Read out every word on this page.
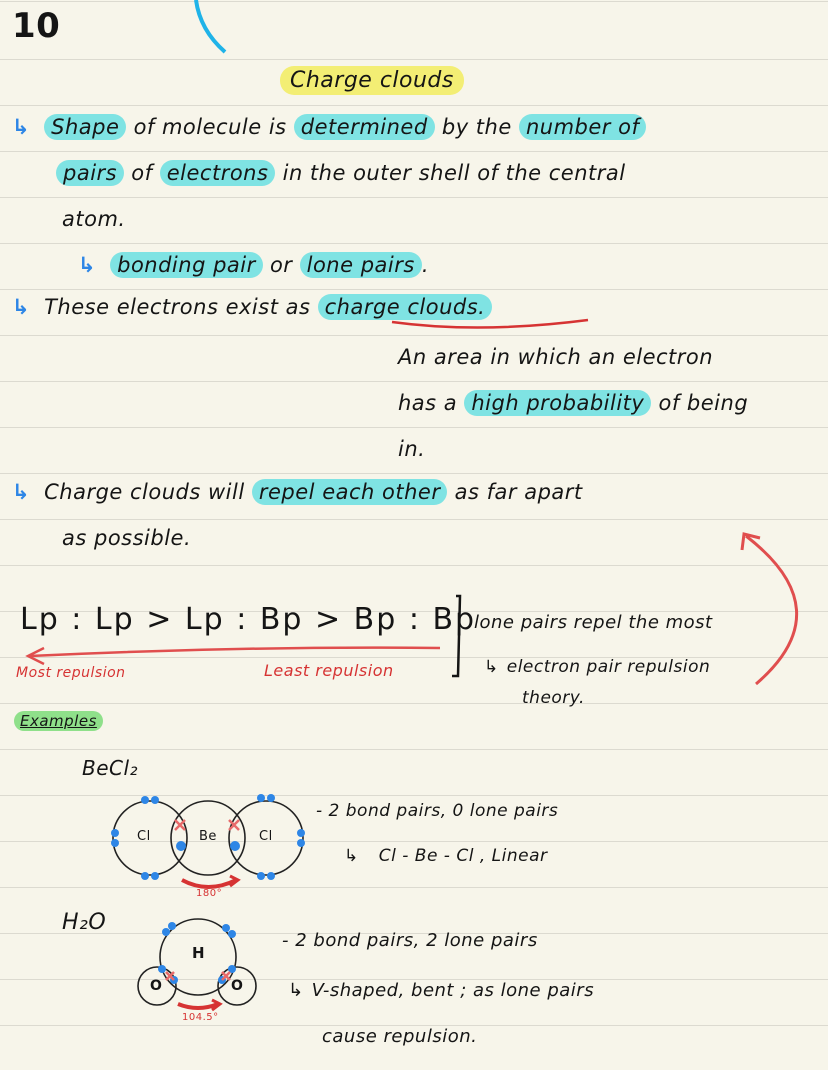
10
Charge clouds
↳ Shape of molecule is determined by the number of
pairs of electrons in the outer shell of the central
atom.
↳ bonding pair or lone pairs .
↳ These electrons exist as charge clouds.
An area in which an electron
has a high probability of being
in.
↳ Charge clouds will repel each other as far apart
as possible.
Lp : Lp > Lp : Bp > Bp : Bp
Most repulsion	Least repulsion
lone pairs repel the most
↳ electron pair repulsion
theory.
Examples
BeCl₂
Cl	Be	Cl
180°
- 2 bond pairs, 0 lone pairs
↳ Cl - Be - Cl , Linear
H₂O
H
O	O
104.5°
- 2 bond pairs, 2 lone pairs
↳ V-shaped, bent ; as lone pairs
cause repulsion.
